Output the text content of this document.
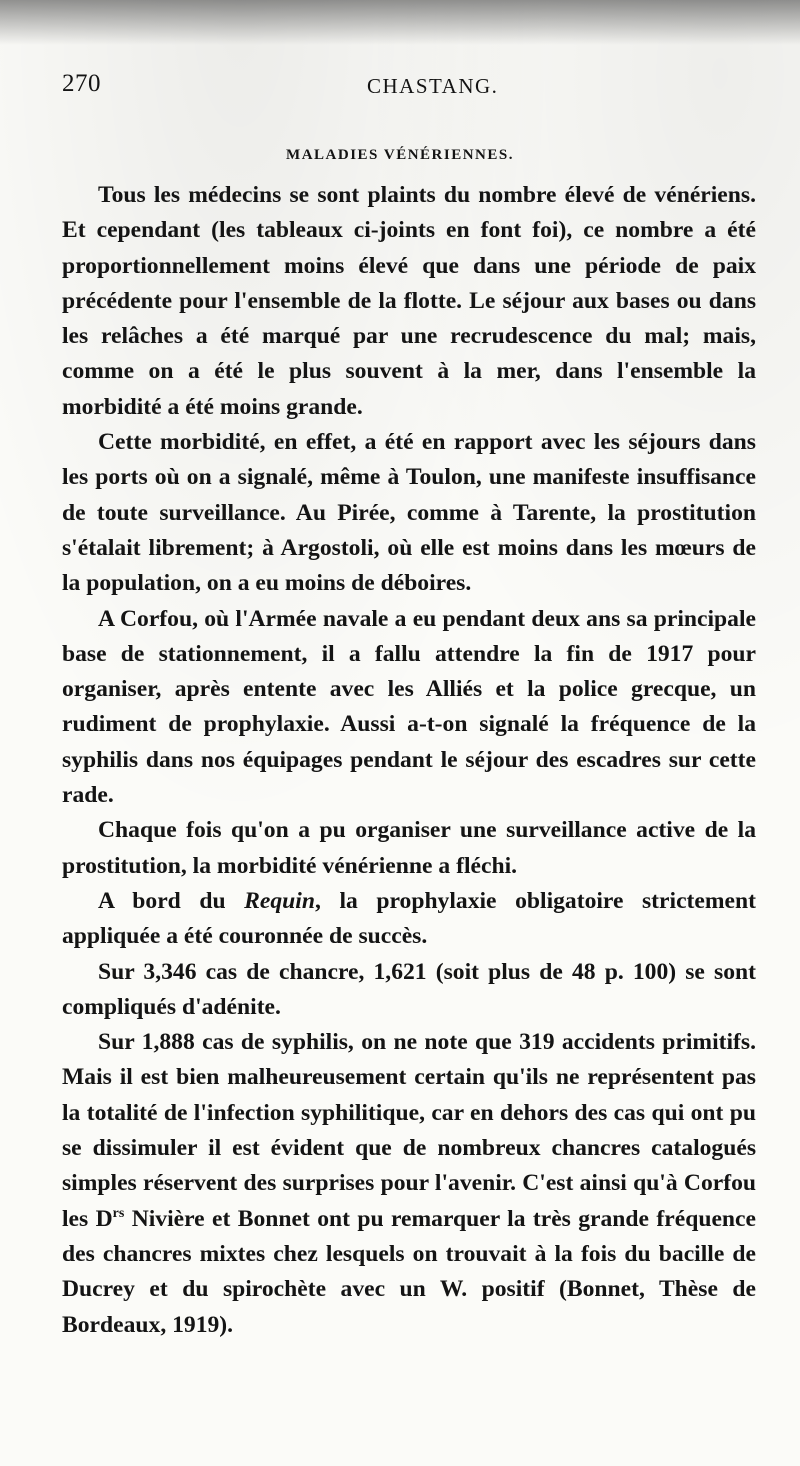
270	CHASTANG.
MALADIES VÉNÉRIENNES.

Tous les médecins se sont plaints du nombre élevé de vénériens. Et cependant (les tableaux ci-joints en font foi), ce nombre a été proportionnellement moins élevé que dans une période de paix précédente pour l'ensemble de la flotte. Le séjour aux bases ou dans les relâches a été marqué par une recrudescence du mal; mais, comme on a été le plus souvent à la mer, dans l'ensemble la morbidité a été moins grande.

Cette morbidité, en effet, a été en rapport avec les séjours dans les ports où on a signalé, même à Toulon, une manifeste insuffisance de toute surveillance. Au Pirée, comme à Tarente, la prostitution s'étalait librement; à Argostoli, où elle est moins dans les mœurs de la population, on a eu moins de déboires.

A Corfou, où l'Armée navale a eu pendant deux ans sa principale base de stationnement, il a fallu attendre la fin de 1917 pour organiser, après entente avec les Alliés et la police grecque, un rudiment de prophylaxie. Aussi a-t-on signalé la fréquence de la syphilis dans nos équipages pendant le séjour des escadres sur cette rade.

Chaque fois qu'on a pu organiser une surveillance active de la prostitution, la morbidité vénérienne a fléchi.

A bord du Requin, la prophylaxie obligatoire strictement appliquée a été couronnée de succès.

Sur 3,346 cas de chancre, 1,621 (soit plus de 48 p. 100) se sont compliqués d'adénite.

Sur 1,888 cas de syphilis, on ne note que 319 accidents primitifs. Mais il est bien malheureusement certain qu'ils ne représentent pas la totalité de l'infection syphilitique, car en dehors des cas qui ont pu se dissimuler il est évident que de nombreux chancres catalogués simples réservent des surprises pour l'avenir. C'est ainsi qu'à Corfou les $D^{rs}$ Nivière et Bonnet ont pu remarquer la très grande fréquence des chancres mixtes chez lesquels on trouvait à la fois du bacille de Ducrey et du spirochète avec un W. positif (Bonnet, Thèse de Bordeaux, 1919).
